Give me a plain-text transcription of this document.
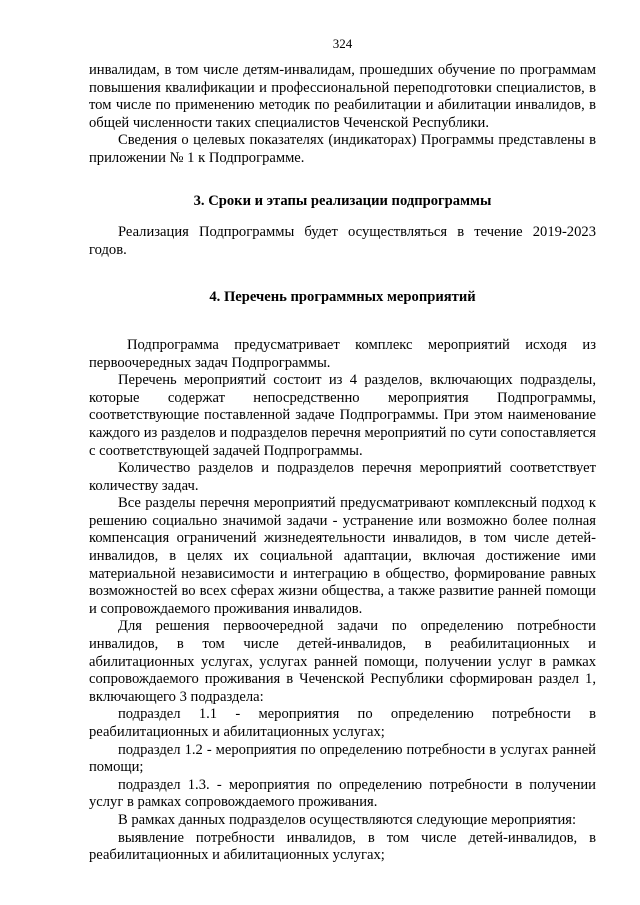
324

инвалидам, в том числе детям-инвалидам, прошедших обучение по программам повышения квалификации и профессиональной переподготовки специалистов, в том числе по применению методик по реабилитации и абилитации инвалидов, в общей численности таких специалистов Чеченской Республики.

Сведения о целевых показателях (индикаторах) Программы представлены в приложении № 1 к Подпрограмме.

3. Сроки и этапы реализации подпрограммы

Реализация Подпрограммы будет осуществляться в течение 2019-2023 годов.

4. Перечень программных мероприятий

Подпрограмма предусматривает комплекс мероприятий исходя из первоочередных задач Подпрограммы.

Перечень мероприятий состоит из 4 разделов, включающих подразделы, которые содержат непосредственно мероприятия Подпрограммы, соответствующие поставленной задаче Подпрограммы. При этом наименование каждого из разделов и подразделов перечня мероприятий по сути сопоставляется с соответствующей задачей Подпрограммы.

Количество разделов и подразделов перечня мероприятий соответствует количеству задач.

Все разделы перечня мероприятий предусматривают комплексный подход к решению социально значимой задачи - устранение или возможно более полная компенсация ограничений жизнедеятельности инвалидов, в том числе детей-инвалидов, в целях их социальной адаптации, включая достижение ими материальной независимости и интеграцию в общество, формирование равных возможностей во всех сферах жизни общества, а также развитие ранней помощи и сопровождаемого проживания инвалидов.

Для решения первоочередной задачи по определению потребности инвалидов, в том числе детей-инвалидов, в реабилитационных и абилитационных услугах, услугах ранней помощи, получении услуг в рамках сопровождаемого проживания в Чеченской Республики сформирован раздел 1, включающего 3 подраздела:

подраздел 1.1 - мероприятия по определению потребности в реабилитационных и абилитационных услугах;

подраздел 1.2 - мероприятия по определению потребности в услугах ранней помощи;

подраздел 1.3. - мероприятия по определению потребности в получении услуг в рамках сопровождаемого проживания.

В рамках данных подразделов осуществляются следующие мероприятия:

выявление потребности инвалидов, в том числе детей-инвалидов, в реабилитационных и абилитационных услугах;
